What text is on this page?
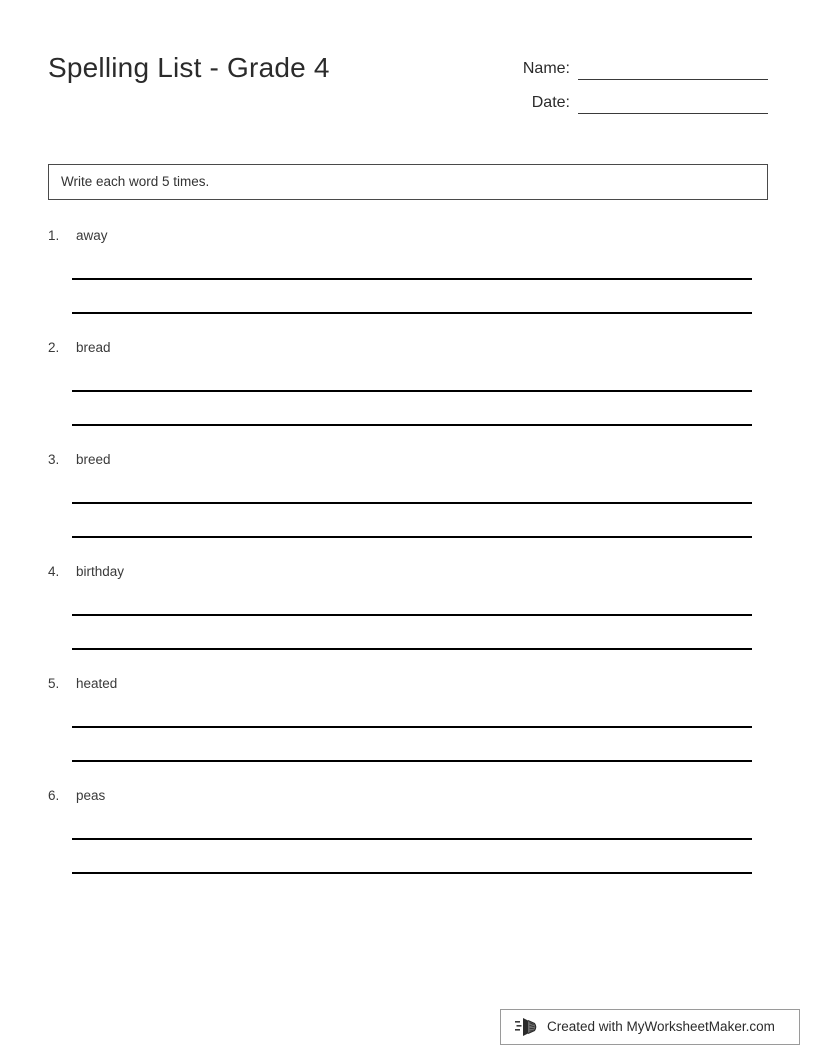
Spelling List - Grade 4	Name:
Date:
Write each word 5 times.
1.	away
2.	bread
3.	breed
4.	birthday
5.	heated
6.	peas
Created with MyWorksheetMaker.com
